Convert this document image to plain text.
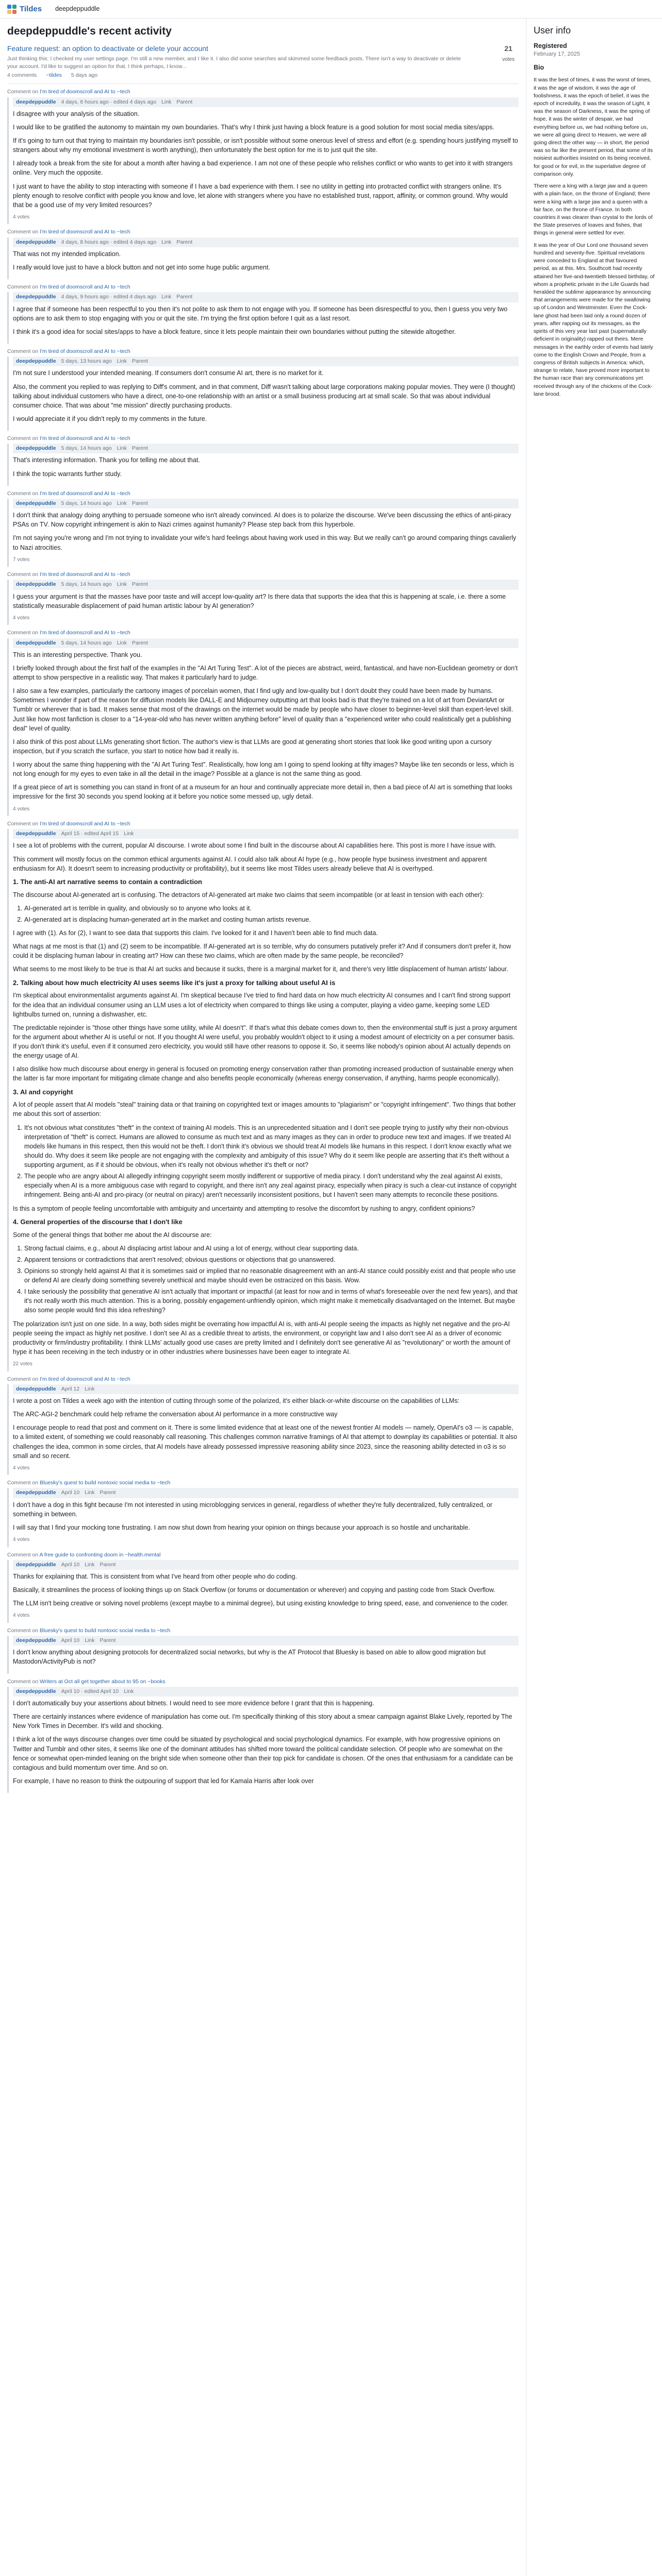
Tildes deepdeppuddle
deepdeppuddle's recent activity
Feature request: an option to deactivate or delete your account
Just thinking this: I checked my user settings page. I'm still a new member, and I like it. I also did some searches and skimmed some feedback posts. There isn't a way to deactivate or delete your account. I'd like to suggest an option for that. I think perhaps, I know...
4 comments ~tildes 5 days ago
21
votes
Comment on I'm tired of doomscroll and AI to ~tech
deepdeppuddle 4 days, 6 hours ago · edited 4 days ago Link Parent

I disagree with your analysis of the situation.

I would like to be gratified the autonomy to maintain my own boundaries. That's why I think just having a block feature is a good solution for most social media sites/apps.

If it's going to turn out that trying to maintain my boundaries isn't possible, or isn't possible without some onerous level of stress and effort (e.g. spending hours justifying myself to strangers about why my emotional investment is worth anything), then unfortunately the best option for me is to just quit the site.

I already took a break from the site for about a month after having a bad experience. I am not one of these people who relishes conflict or who wants to get into it with strangers online. Very much the opposite.

I just want to have the ability to stop interacting with someone if I have a bad experience with them. I see no utility in getting into protracted conflict with strangers online. It's plenty enough to resolve conflict with people you know and love, let alone with strangers where you have no established trust, rapport, affinity, or common ground. Why would that be a good use of my very limited resources?

4 votes
Comment on I'm tired of doomscroll and AI to ~tech
deepdeppuddle 4 days, 8 hours ago · edited 4 days ago Link Parent

That was not my intended implication.

I really would love just to have a block button and not get into some huge public argument.

Comment on I'm tired of doomscroll and AI to ~tech
deepdeppuddle 4 days, 9 hours ago · edited 4 days ago Link Parent

I agree that if someone has been respectful to you then it's not polite to ask them to not engage with you. If someone has been disrespectful to you, then I guess you very two options are to ask them to stop engaging with you or quit the site. I'm trying the first option before I quit as a last resort.

I think it's a good idea for social sites/apps to have a block feature, since it lets people maintain their own boundaries without putting the sitewide altogether.

Comment on I'm tired of doomscroll and AI to ~tech
deepdeppuddle 5 days, 13 hours ago Link Parent

I'm not sure I understood your intended meaning. If consumers don't consume AI art, there is no market for it.

Also, the comment you replied to was replying to Diff's comment, and in that comment, Diff wasn't talking about large corporations making popular movies. They were (I thought) talking about individual customers who have a direct, one-to-one relationship with an artist or a small business producing art at small scale. So that was about individual consumer choice. That was about "me mission" directly purchasing products.

I would appreciate it if you didn't reply to my comments in the future.

Comment on I'm tired of doomscroll and AI to ~tech
deepdeppuddle 5 days, 14 hours ago Link Parent

That's interesting information. Thank you for telling me about that.

I think the topic warrants further study.

Comment on I'm tired of doomscroll and AI to ~tech
deepdeppuddle 5 days, 14 hours ago Link Parent

I don't think that analogy doing anything to persuade someone who isn't already convinced. AI does is to polarize the discourse. We've been discussing the ethics of anti-piracy PSAs on TV. Now copyright infringement is akin to Nazi crimes against humanity? Please step back from this hyperbole.

I'm not saying you're wrong and I'm not trying to invalidate your wife's hard feelings about having work used in this way. But we really can't go around comparing things cavalierly to Nazi atrocities.

7 votes
Comment on I'm tired of doomscroll and AI to ~tech
deepdeppuddle 5 days, 14 hours ago Link Parent

I guess your argument is that the masses have poor taste and will accept low-quality art? Is there data that supports the idea that this is happening at scale, i.e. there a some statistically measurable displacement of paid human artistic labour by AI generation?

4 votes
Comment on I'm tired of doomscroll and AI to ~tech
deepdeppuddle 5 days, 14 hours ago Link Parent

This is an interesting perspective. Thank you.

I briefly looked through about the first half of the examples in the "AI Art Turing Test". A lot of the pieces are abstract, weird, fantastical, and have non-Euclidean geometry or don't attempt to show perspective in a realistic way. That makes it particularly hard to judge.

I also saw a few examples, particularly the cartoony images of porcelain women, that I find ugly and low-quality but I don't doubt they could have been made by humans. Sometimes I wonder if part of the reason for diffusion models like DALL-E and Midjourney outputting art that looks bad is that they're trained on a lot of art from DeviantArt or Tumblr or wherever that is bad. It makes sense that most of the drawings on the internet would be made by people who have closer to beginner-level skill than expert-level skill. Just like how most fanfiction is closer to a "14-year-old who has never written anything before" level of quality than a "experienced writer who could realistically get a publishing deal" level of quality.

I also think of this post about LLMs generating short fiction. The author's view is that LLMs are good at generating short stories that look like good writing upon a cursory inspection, but if you scratch the surface, you start to notice how bad it really is.

I worry about the same thing happening with the "AI Art Turing Test". Realistically, how long am I going to spend looking at fifty images? Maybe like ten seconds or less, which is not long enough for my eyes to even take in all the detail in the image? Possible at a glance is not the same thing as good.

If a great piece of art is something you can stand in front of at a museum for an hour and continually appreciate more detail in, then a bad piece of AI art is something that looks impressive for the first 30 seconds you spend looking at it before you notice some messed up, ugly detail.

4 votes
Comment on I'm tired of doomscroll and AI to ~tech
deepdeppuddle April 15 · edited April 15 Link

I see a lot of problems with the current, popular AI discourse. I wrote about some I find built in the discourse about AI capabilities here. This post is more I have issue with.

This comment will mostly focus on the common ethical arguments against AI. I could also talk about AI hype (e.g., how people hype business investment and apparent enthusiasm for AI). It doesn't seem to increasing productivity or profitability), but it seems like most Tildes users already believe that AI is overhyped.

1. The anti-AI art narrative seems to contain a contradiction

The discourse about AI-generated art is confusing. The detractors of AI-generated art make two claims that seem incompatible (or at least in tension with each other):

1. AI-generated art is terrible in quality, and obviously so to anyone who looks at it.
2. AI-generated art is displacing human-generated art in the market and costing human artists revenue.

I agree with (1). As for (2), I want to see data that supports this claim. I've looked for it and I haven't been able to find much data.

What nags at me most is that (1) and (2) seem to be incompatible. If AI-generated art is so terrible, why do consumers putatively prefer it? And if consumers don't prefer it, how could it be displacing human labour in creating art? How can these two claims, which are often made by the same people, be reconciled?

What seems to me most likely to be true is that AI art sucks and because it sucks, there is a marginal market for it, and there's very little displacement of human artists' labour.

2. Talking about how much electricity AI uses seems like it's just a proxy for talking about useful AI is

I'm skeptical about environmentalist arguments against AI. I'm skeptical because I've tried to find hard data on how much electricity AI consumes and I can't find strong support for the idea that an individual consumer using an LLM uses a lot of electricity when compared to things like using a computer, playing a video game, keeping some LED lightbulbs turned on, running a dishwasher, etc.

The predictable rejoinder is "those other things have some utility, while AI doesn't". If that's what this debate comes down to, then the environmental stuff is just a proxy argument for the argument about whether AI is useful or not. If you thought AI were useful, you probably wouldn't object to it using a modest amount of electricity on a per consumer basis. If you don't think it's useful, even if it consumed zero electricity, you would still have other reasons to oppose it. So, it seems like nobody's opinion about AI actually depends on the energy usage of AI.

I also dislike how much discourse about energy in general is focused on promoting energy conservation rather than promoting increased production of sustainable energy when the latter is far more important for mitigating climate change and also benefits people economically (whereas energy conservation, if anything, harms people economically).

3. AI and copyright

A lot of people assert that AI models "steal" training data or that training on copyrighted text or images amounts to "plagiarism" or "copyright infringement". Two things that bother me about this sort of assertion:

1. It's not obvious what constitutes "theft" in the context of training AI models. This is an unprecedented situation and I don't see people trying to justify why their non-obvious interpretation of "theft" is correct. Humans are allowed to consume as much text and as many images as they can in order to produce new text and images. If we treated AI models like humans in this respect, then this would not be theft. I don't think it's obvious we should treat AI models like humans in this respect. I don't know exactly what we should do. Why does it seem like people are not engaging with the complexity and ambiguity of this issue? Why do it seem like people are asserting that it's theft without a supporting argument, as if it should be obvious, when it's really not obvious whether it's theft or not?
2. The people who are angry about AI allegedly infringing copyright seem mostly indifferent or supportive of media piracy. I don't understand why the zeal against AI exists, especially when AI is a more ambiguous case with regard to copyright, and there isn't any zeal against piracy, especially when piracy is such a clear-cut instance of copyright infringement. Being anti-AI and pro-piracy (or neutral on piracy) aren't necessarily inconsistent positions, but I haven't seen many attempts to reconcile these positions.

Is this a symptom of people feeling uncomfortable with ambiguity and uncertainty and attempting to resolve the discomfort by rushing to angry, confident opinions?

4. General properties of the discourse that I don't like

Some of the general things that bother me about the AI discourse are:

1. Strong factual claims, e.g., about AI displacing artist labour and AI using a lot of energy, without clear supporting data.
2. Apparent tensions or contradictions that aren't resolved; obvious questions or objections that go unanswered.
3. Opinions so strongly held against AI that it is sometimes said or implied that no reasonable disagreement with an anti-AI stance could possibly exist and that people who use or defend AI are clearly doing something severely unethical and maybe should even be ostracized on this basis. Wow.
4. I take seriously the possibility that generative AI isn't actually that important or impactful (at least for now and in terms of what's foreseeable over the next few years), and that it's not really worth this much attention. This is a boring, possibly engagement-unfriendly opinion, which might make it memetically disadvantaged on the Internet. But maybe also some people would find this idea refreshing?

The polarization isn't just on one side. In a way, both sides might be overrating how impactful AI is, with anti-AI people seeing the impacts as highly net negative and the pro-AI people seeing the impact as highly net positive. I don't see AI as a credible threat to artists, the environment, or copyright law and I also don't see AI as a driver of economic productivity or firm/industry profitability. I think LLMs' actually good use cases are pretty limited and I definitely don't see generative AI as "revolutionary" or worth the amount of hype it has been receiving in the tech industry or in other industries where businesses have been eager to integrate AI.

22 votes
Comment on I'm tired of doomscroll and AI to ~tech
deepdeppuddle April 12 Link

I wrote a post on Tildes a week ago with the intention of cutting through some of the polarized, it's either black-or-white discourse on the capabilities of LLMs:

The ARC-AGI-2 benchmark could help reframe the conversation about AI performance in a more constructive way

I encourage people to read that post and comment on it. There is some limited evidence that at least one of the newest frontier AI models — namely, OpenAI's o3 — is capable, to a limited extent, of something we could reasonably call reasoning. This challenges common narrative framings of AI that attempt to downplay its capabilities or potential. It also challenges the idea, common in some circles, that AI models have already possessed impressive reasoning ability since 2023, since the reasoning ability detected in o3 is so small and so recent.

4 votes
Comment on Bluesky's quest to build nontoxic social media to ~tech
deepdeppuddle April 10 Link Parent

I don't have a dog in this fight because I'm not interested in using microblogging services in general, regardless of whether they're fully decentralized, fully centralized, or something in between.

I will say that I find your mocking tone frustrating. I am now shut down from hearing your opinion on things because your approach is so hostile and uncharitable.

4 votes
Comment on A free guide to confronting doom in ~health.mental
deepdeppuddle April 10 Link Parent

Thanks for explaining that. This is consistent from what I've heard from other people who do coding.

Basically, it streamlines the process of looking things up on Stack Overflow (or forums or documentation or wherever) and copying and pasting code from Stack Overflow.

The LLM isn't being creative or solving novel problems (except maybe to a minimal degree), but using existing knowledge to bring speed, ease, and convenience to the coder.

4 votes
Comment on Bluesky's quest to build nontoxic social media to ~tech
deepdeppuddle April 10 Link Parent

I don't know anything about designing protocols for decentralized social networks, but why is the AT Protocol that Bluesky is based on able to allow good migration but Mastodon/ActivityPub is not?

Comment on Writers at Oct all get together about to 95 on ~books
deepdeppuddle April 10 · edited April 10 Link

I don't automatically buy your assertions about bitnets. I would need to see more evidence before I grant that this is happening.

There are certainly instances where evidence of manipulation has come out. I'm specifically thinking of this story about a smear campaign against Blake Lively, reported by The New York Times in December. It's wild and shocking.

I think a lot of the ways discourse changes over time could be situated by psychological and social psychological dynamics. For example, with how progressive opinions on Twitter and Tumblr and other sites, it seems like one of the dominant attitudes has shifted more toward the political candidate selection. Of people who are somewhat on the fence or somewhat open-minded leaning on the bright side when someone other than their top pick for candidate is chosen. Of the ones that enthusiasm for a candidate can be contagious and build momentum over time. And so on.

For example, I have no reason to think the outpouring of support that led for Kamala Harris after look over

User info
Registered
February 17, 2025
Bio

It was the best of times, it was the worst of times, it was the age of wisdom, it was the age of foolishness, it was the epoch of belief, it was the epoch of incredulity, it was the season of Light, it was the season of Darkness, it was the spring of hope, it was the winter of despair, we had everything before us, we had nothing before us, we were all going direct to Heaven, we were all going direct the other way — in short, the period was so far like the present period, that some of its noisiest authorities insisted on its being received, for good or for evil, in the superlative degree of comparison only.

There were a king with a large jaw and a queen with a plain face, on the throne of England; there were a king with a large jaw and a queen with a fair face, on the throne of France. In both countries it was clearer than crystal to the lords of the State preserves of loaves and fishes, that things in general were settled for ever.

It was the year of Our Lord one thousand seven hundred and seventy-five. Spiritual revelations were conceded to England at that favoured period, as at this. Mrs. Southcott had recently attained her five-and-twentieth blessed birthday, of whom a prophetic private in the Life Guards had heralded the sublime appearance by announcing that arrangements were made for the swallowing up of London and Westminster. Even the Cock-lane ghost had been laid only a round dozen of years, after rapping out its messages, as the spirits of this very year last past (supernaturally deficient in originality) rapped out theirs. Mere messages in the earthly order of events had lately come to the English Crown and People, from a congress of British subjects in America: which, strange to relate, have proved more important to the human race than any communications yet received through any of the chickens of the Cock-lane brood.
